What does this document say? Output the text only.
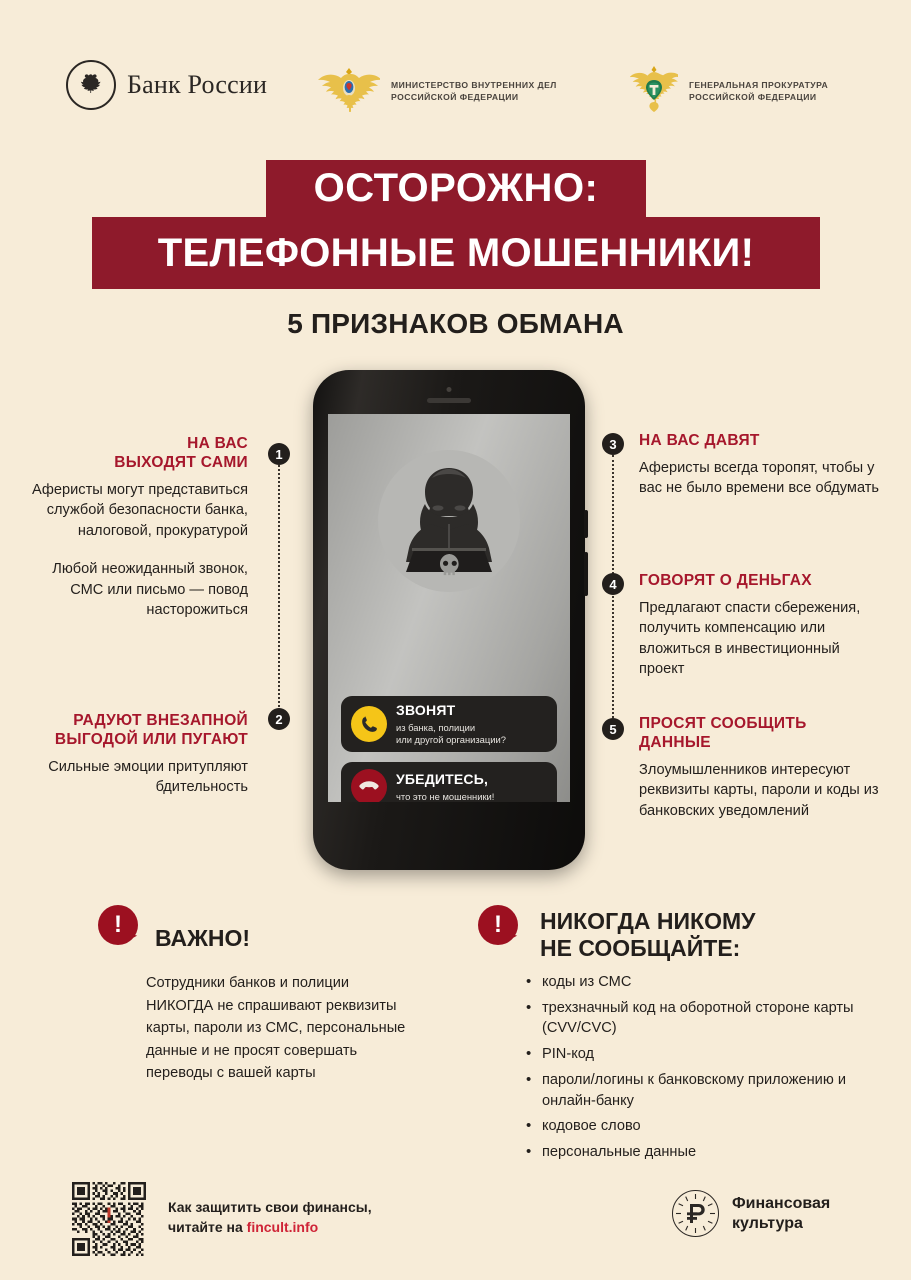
Банк России	МИНИСТЕРСТВО ВНУТРЕННИХ ДЕЛ
РОССИЙСКОЙ ФЕДЕРАЦИИ
ГЕНЕРАЛЬНАЯ ПРОКУРАТУРА
РОССИЙСКОЙ ФЕДЕРАЦИИ
ОСТОРОЖНО:
ТЕЛЕФОННЫЕ МОШЕННИКИ!
5 ПРИЗНАКОВ ОБМАНА
ЗВОНЯТ
из банка, полиции
или другой организации?
УБЕДИТЕСЬ,
что это не мошенники!
1
2
3
4
5
НА ВАС
ВЫХОДЯТ САМИ

Аферисты могут представиться службой безопасности банка, налоговой, прокуратурой

Любой неожиданный звонок, СМС или письмо — повод насторожиться

РАДУЮТ ВНЕЗАПНОЙ
ВЫГОДОЙ ИЛИ ПУГАЮТ

Сильные эмоции притупляют бдительность

НА ВАС ДАВЯТ

Аферисты всегда торопят, чтобы у вас не было времени все обдумать

ГОВОРЯТ О ДЕНЬГАХ

Предлагают спасти сбережения, получить компенсацию или вложиться в инвестиционный проект

ПРОСЯТ СООБЩИТЬ
ДАННЫЕ

Злоумышленников интересуют реквизиты карты, пароли и коды из банковских уведомлений

! ВАЖНО!
Сотрудники банков и полиции НИКОГДА не спрашивают реквизиты карты, пароли из СМС, персональные данные и не просят совершать переводы с вашей карты
! НИКОГДА НИКОМУ
НЕ СООБЩАЙТЕ:
• коды из СМС
• трехзначный код на оборотной стороне карты (CVV/CVC)
• PIN-код
• пароли/логины к банковскому приложению и онлайн-банку
• кодовое слово
• персональные данные
Как защитить свои финансы,
читайте на fincult.info
Финансовая
культура
